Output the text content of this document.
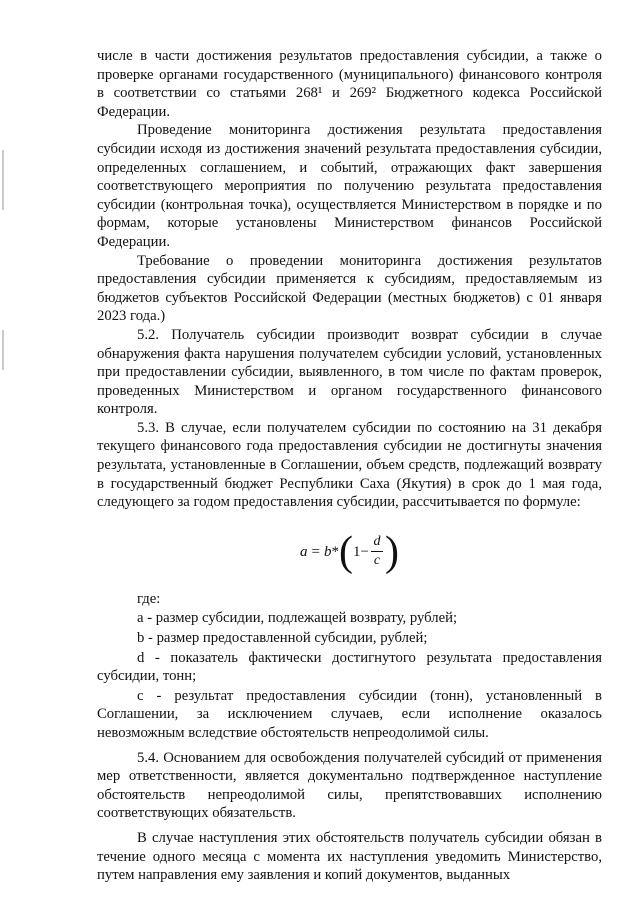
числе в части достижения результатов предоставления субсидии, а также о проверке органами государственного (муниципального) финансового контроля в соответствии со статьями 268¹ и 269² Бюджетного кодекса Российской Федерации.

Проведение мониторинга достижения результата предоставления субсидии исходя из достижения значений результата предоставления субсидии, определенных соглашением, и событий, отражающих факт завершения соответствующего мероприятия по получению результата предоставления субсидии (контрольная точка), осуществляется Министерством в порядке и по формам, которые установлены Министерством финансов Российской Федерации.

Требование о проведении мониторинга достижения результатов предоставления субсидии применяется к субсидиям, предоставляемым из бюджетов субъектов Российской Федерации (местных бюджетов) с 01 января 2023 года.)

5.2. Получатель субсидии производит возврат субсидии в случае обнаружения факта нарушения получателем субсидии условий, установленных при предоставлении субсидии, выявленного, в том числе по фактам проверок, проведенных Министерством и органом государственного финансового контроля.

5.3. В случае, если получателем субсидии по состоянию на 31 декабря текущего финансового года предоставления субсидии не достигнуты значения результата, установленные в Соглашении, объем средств, подлежащий возврату в государственный бюджет Республики Саха (Якутия) в срок до 1 мая года, следующего за годом предоставления субсидии, рассчитывается по формуле:

a = b * ( $1 - \frac{d}{c}$ )

где:

а - размер субсидии, подлежащей возврату, рублей;

b - размер предоставленной субсидии, рублей;

d - показатель фактически достигнутого результата предоставления субсидии, тонн;

c - результат предоставления субсидии (тонн), установленный в Соглашении, за исключением случаев, если исполнение оказалось невозможным вследствие обстоятельств непреодолимой силы.

5.4. Основанием для освобождения получателей субсидий от применения мер ответственности, является документально подтвержденное наступление обстоятельств непреодолимой силы, препятствовавших исполнению соответствующих обязательств.

В случае наступления этих обстоятельств получатель субсидии обязан в течение одного месяца с момента их наступления уведомить Министерство, путем направления ему заявления и копий документов, выданных
